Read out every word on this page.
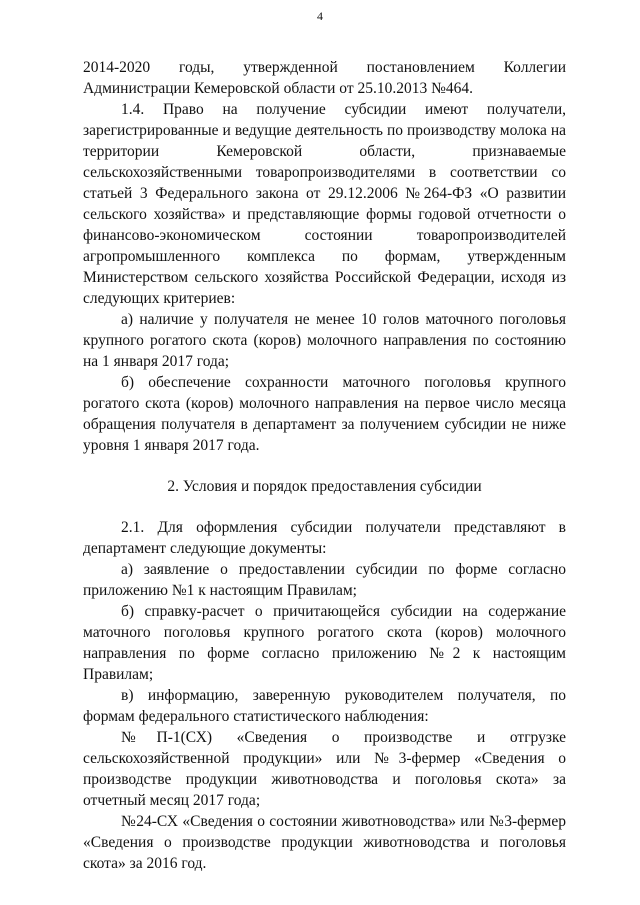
4

2014-2020 годы, утвержденной постановлением Коллегии Администрации Кемеровской области от 25.10.2013 №464.

1.4. Право на получение субсидии имеют получатели, зарегистрированные и ведущие деятельность по производству молока на территории Кемеровской области, признаваемые сельскохозяйственными товаропроизводителями в соответствии со статьей 3 Федерального закона от 29.12.2006 №264-ФЗ «О развитии сельского хозяйства» и представляющие формы годовой отчетности о финансово-экономическом состоянии товаропроизводителей агропромышленного комплекса по формам, утвержденным Министерством сельского хозяйства Российской Федерации, исходя из следующих критериев:

а) наличие у получателя не менее 10 голов маточного поголовья крупного рогатого скота (коров) молочного направления по состоянию на 1 января 2017 года;

б) обеспечение сохранности маточного поголовья крупного рогатого скота (коров) молочного направления на первое число месяца обращения получателя в департамент за получением субсидии не ниже уровня 1 января 2017 года.

2. Условия и порядок предоставления субсидии

2.1. Для оформления субсидии получатели представляют в департамент следующие документы:

а) заявление о предоставлении субсидии по форме согласно приложению №1 к настоящим Правилам;

б) справку-расчет о причитающейся субсидии на содержание маточного поголовья крупного рогатого скота (коров) молочного направления по форме согласно приложению №2 к настоящим Правилам;

в) информацию, заверенную руководителем получателя, по формам федерального статистического наблюдения:

№П-1(СХ) «Сведения о производстве и отгрузке сельскохозяйственной продукции» или №3-фермер «Сведения о производстве продукции животноводства и поголовья скота» за отчетный месяц 2017 года;

№24-СХ «Сведения о состоянии животноводства» или №3-фермер «Сведения о производстве продукции животноводства и поголовья скота» за 2016 год.
